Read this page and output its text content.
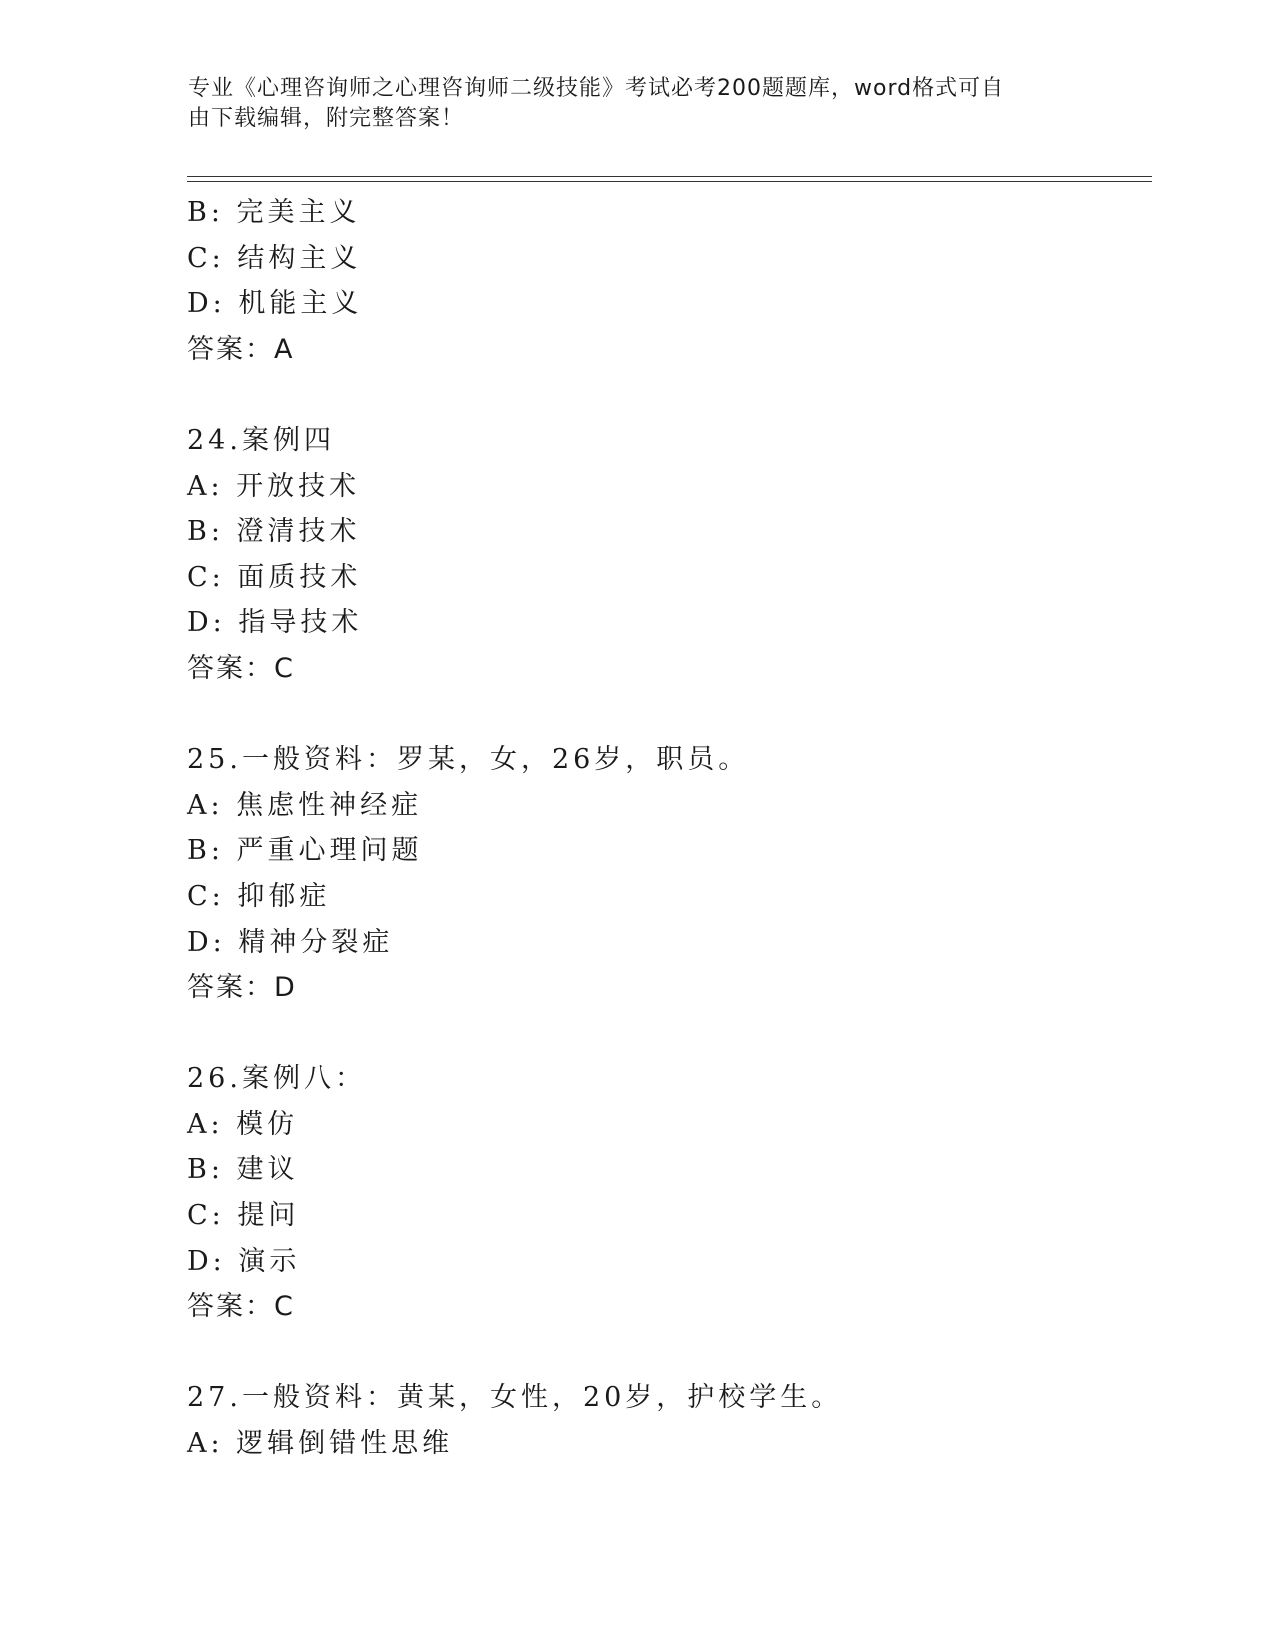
专业《心理咨询师之心理咨询师二级技能》考试必考200题题库，word格式可自
由下载编辑，附完整答案！
B: 完美主义
C: 结构主义
D: 机能主义
答案：A
24.案例四
A: 开放技术
B: 澄清技术
C: 面质技术
D: 指导技术
答案：C
25.一般资料：罗某，女，26岁，职员。
A: 焦虑性神经症
B: 严重心理问题
C: 抑郁症
D: 精神分裂症
答案：D
26.案例八：
A: 模仿
B: 建议
C: 提问
D: 演示
答案：C
27.一般资料：黄某，女性，20岁，护校学生。
A: 逻辑倒错性思维
